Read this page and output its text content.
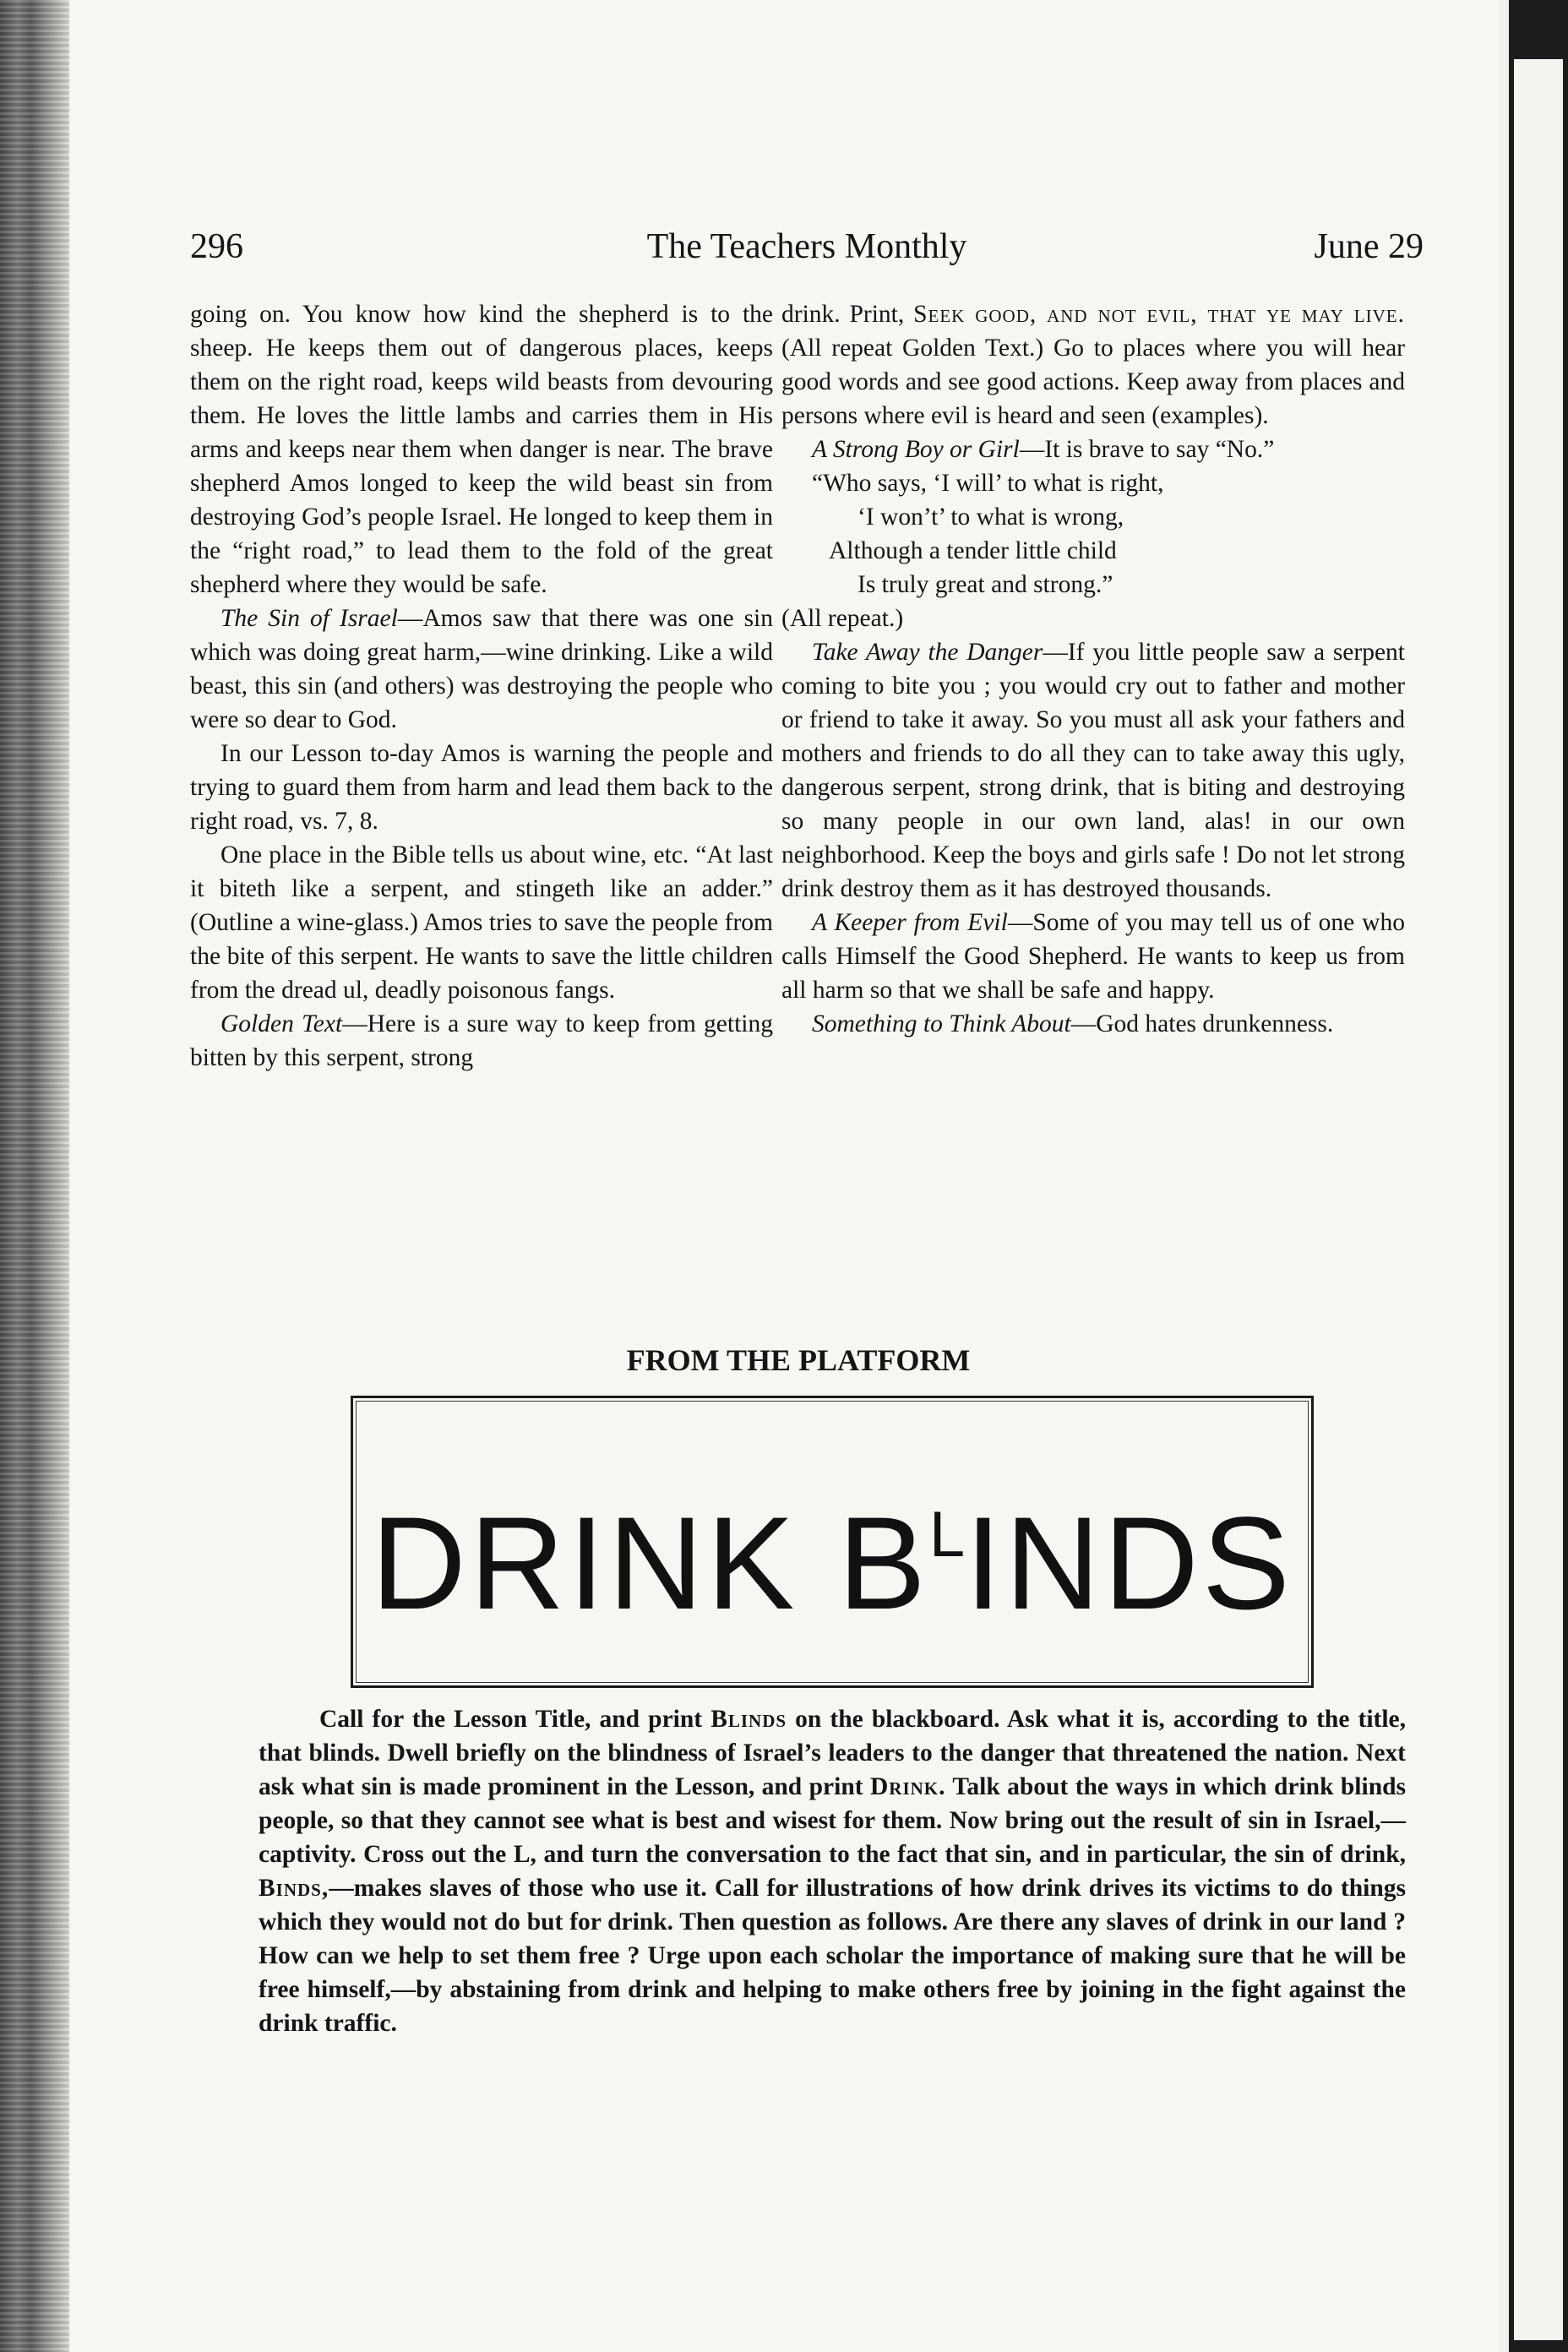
296	The Teachers Monthly	June 29

going on. You know how kind the shepherd is to the sheep. He keeps them out of dangerous places, keeps them on the right road, keeps wild beasts from devouring them. He loves the little lambs and carries them in His arms and keeps near them when danger is near. The brave shepherd Amos longed to keep the wild beast sin from destroying God’s people Israel. He longed to keep them in the “right road,” to lead them to the fold of the great shepherd where they would be safe.

The Sin of Israel—Amos saw that there was one sin which was doing great harm,—wine drinking. Like a wild beast, this sin (and others) was destroying the people who were so dear to God.

In our Lesson to-day Amos is warning the people and trying to guard them from harm and lead them back to the right road, vs. 7, 8.

One place in the Bible tells us about wine, etc. “At last it biteth like a serpent, and stingeth like an adder.” (Outline a wine-glass.) Amos tries to save the people from the bite of this serpent. He wants to save the little children from the dread ul, deadly poisonous fangs.

Golden Text—Here is a sure way to keep from getting bitten by this serpent, strong

drink. Print, Seek good, and not evil, that ye may live. (All repeat Golden Text.) Go to places where you will hear good words and see good actions. Keep away from places and persons where evil is heard and seen (examples).

A Strong Boy or Girl—It is brave to say “No.”

“Who says, ‘I will’ to what is right,

‘I won’t’ to what is wrong,

Although a tender little child

Is truly great and strong.”

(All repeat.)

Take Away the Danger—If you little people saw a serpent coming to bite you ; you would cry out to father and mother or friend to take it away. So you must all ask your fathers and mothers and friends to do all they can to take away this ugly, dangerous serpent, strong drink, that is biting and destroying so many people in our own land, alas! in our own neighborhood. Keep the boys and girls safe ! Do not let strong drink destroy them as it has destroyed thousands.

A Keeper from Evil—Some of you may tell us of one who calls Himself the Good Shepherd. He wants to keep us from all harm so that we shall be safe and happy.

Something to Think About—God hates drunkenness.

FROM THE PLATFORM
DRINK $B^LINDS$

Call for the Lesson Title, and print Blinds on the blackboard. Ask what it is, according to the title, that blinds. Dwell briefly on the blindness of Israel’s leaders to the danger that threatened the nation. Next ask what sin is made prominent in the Lesson, and print Drink. Talk about the ways in which drink blinds people, so that they cannot see what is best and wisest for them. Now bring out the result of sin in Israel,—captivity. Cross out the L, and turn the conversation to the fact that sin, and in particular, the sin of drink, Binds,—makes slaves of those who use it. Call for illustrations of how drink drives its victims to do things which they would not do but for drink. Then question as follows. Are there any slaves of drink in our land ? How can we help to set them free ? Urge upon each scholar the importance of making sure that he will be free himself,—by abstaining from drink and helping to make others free by joining in the fight against the drink traffic.
